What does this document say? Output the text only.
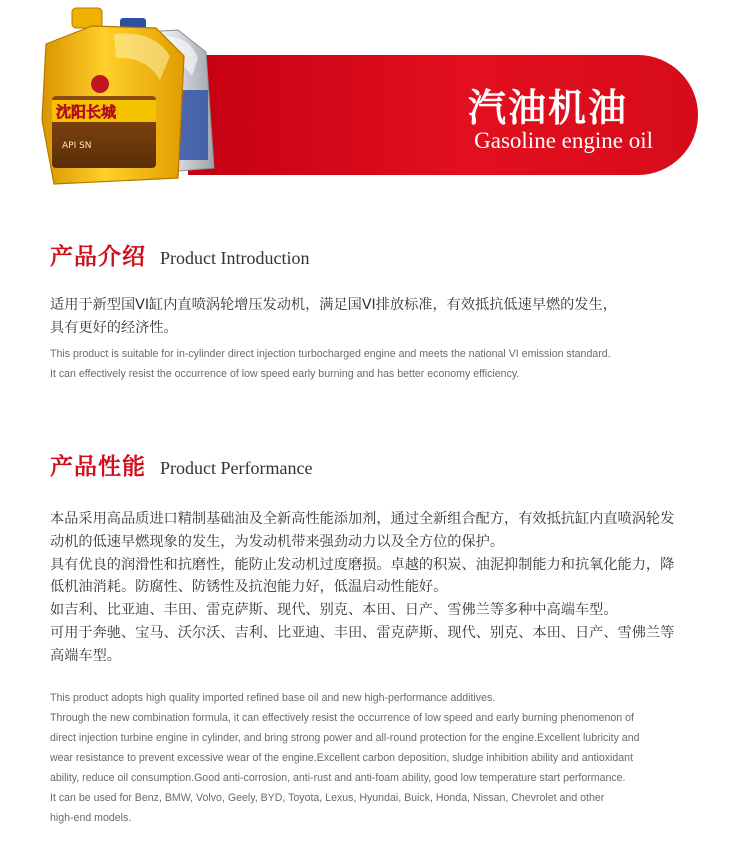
汽油机油
Gasoline engine oil
沈阳长城
API SN
产品介绍 Product Introduction

适用于新型国VI缸内直喷涡轮增压发动机，满足国VI排放标准，有效抵抗低速早燃的发生，
具有更好的经济性。

This product is suitable for in-cylinder direct injection turbocharged engine and meets the national VI emission standard.
It can effectively resist the occurrence of low speed early burning and has better economy efficiency.

产品性能 Product Performance

本品采用高品质进口精制基础油及全新高性能添加剂，通过全新组合配方，有效抵抗缸内直喷涡轮发
动机的低速早燃现象的发生，为发动机带来强劲动力以及全方位的保护。
具有优良的润滑性和抗磨性，能防止发动机过度磨损。卓越的积炭、油泥抑制能力和抗氧化能力，降
低机油消耗。防腐性、防锈性及抗泡能力好，低温启动性能好。
如吉利、比亚迪、丰田、雷克萨斯、现代、别克、本田、日产、雪佛兰等多种中高端车型。
可用于奔驰、宝马、沃尔沃、吉利、比亚迪、丰田、雷克萨斯、现代、别克、本田、日产、雪佛兰等
高端车型。

This product adopts high quality imported refined base oil and new high-performance additives.
Through the new combination formula, it can effectively resist the occurrence of low speed and early burning phenomenon of
direct injection turbine engine in cylinder, and bring strong power and all-round protection for the engine.Excellent lubricity and
wear resistance to prevent excessive wear of the engine.Excellent carbon deposition, sludge inhibition ability and antioxidant
ability, reduce oil consumption.Good anti-corrosion, anti-rust and anti-foam ability, good low temperature start performance.
It can be used for Benz, BMW, Volvo, Geely, BYD, Toyota, Lexus, Hyundai, Buick, Honda, Nissan, Chevrolet and other
high-end models.
